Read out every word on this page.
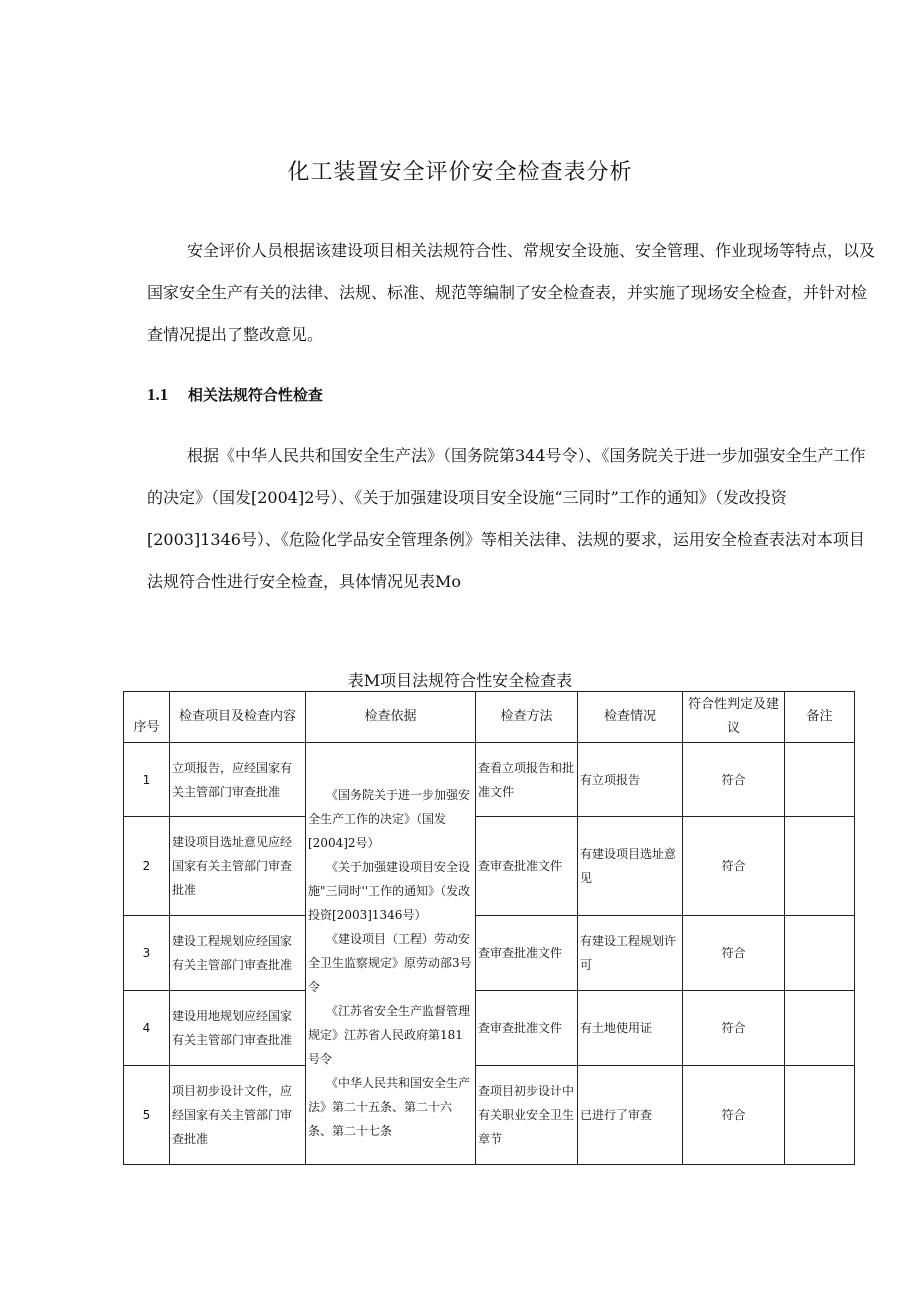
化工装置安全评价安全检查表分析

安全评价人员根据该建设项目相关法规符合性、常规安全设施、安全管理、作业现场等特点，以及国家安全生产有关的法律、法规、标准、规范等编制了安全检查表，并实施了现场安全检查，并针对检查情况提出了整改意见。

1.1 相关法规符合性检查

根据《中华人民共和国安全生产法》（国务院第344号令）、《国务院关于进一步加强安全生产工作的决定》（国发[2004]2号）、《关于加强建设项目安全设施“三同时”工作的通知》（发改投资[2003]1346号）、《危险化学品安全管理条例》等相关法律、法规的要求，运用安全检查表法对本项目法规符合性进行安全检查，具体情况见表Mo

表M项目法规符合性安全检查表
序号	检查项目及检查内容	检查依据	检查方法	检查情况	符合性判定及建议	备注
1	立项报告，应经国家有关主管部门审查批准	《国务院关于进一步加强安全生产工作的决定》（国发[2004]2号）
《关于加强建设项目安全设施"三同时''工作的通知》（发改投资[2003]1346号）
《建设项目（工程）劳动安全卫生监察规定》原劳动部3号令
《江苏省安全生产监督管理规定》江苏省人民政府第181号令
《中华人民共和国安全生产法》第二十五条、第二十六条、第二十七条	查看立项报告和批准文件	有立项报告	符合	
2	建设项目选址意见应经国家有关主管部门审查批准		查审查批准文件	有建设项目选址意见	符合	
3	建设工程规划应经国家有关主管部门审查批准		查审查批准文件	有建设工程规划许可	符合	
4	建设用地规划应经国家有关主管部门审查批准		查审查批准文件	有土地使用证	符合	
5	项目初步设计文件，应经国家有关主管部门审查批准		查项目初步设计中有关职业安全卫生章节	已进行了审查	符合	
